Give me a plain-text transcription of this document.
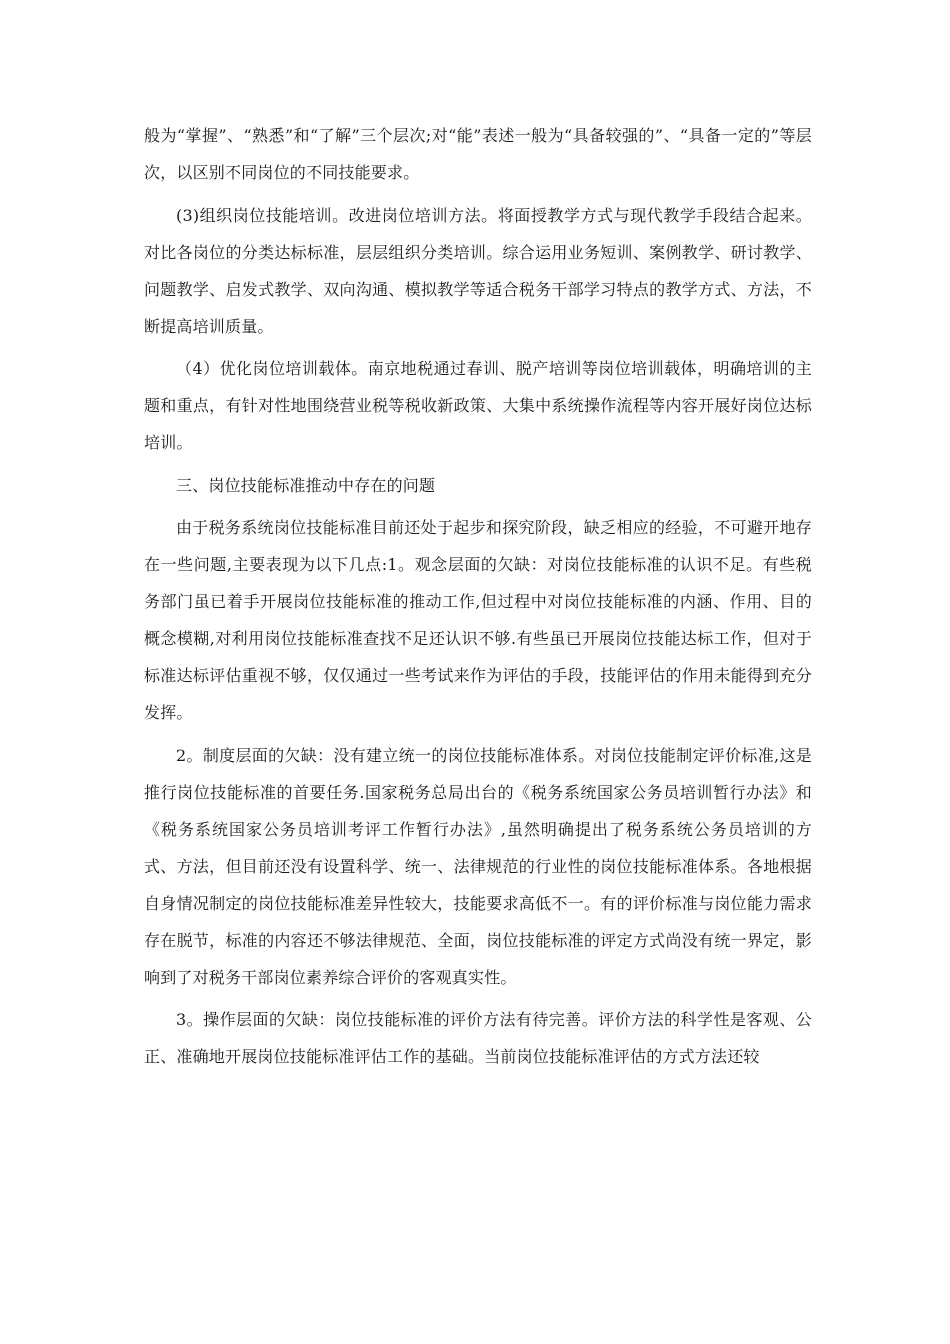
般为“掌握”、“熟悉”和“了解”三个层次;对“能”表述一般为“具备较强的”、“具备一定的”等层次，以区别不同岗位的不同技能要求。

(3)组织岗位技能培训。改进岗位培训方法。将面授教学方式与现代教学手段结合起来。对比各岗位的分类达标标准，层层组织分类培训。综合运用业务短训、案例教学、研讨教学、问题教学、启发式教学、双向沟通、模拟教学等适合税务干部学习特点的教学方式、方法，不断提高培训质量。

（4）优化岗位培训载体。南京地税通过春训、脱产培训等岗位培训载体，明确培训的主题和重点，有针对性地围绕营业税等税收新政策、大集中系统操作流程等内容开展好岗位达标培训。

三、岗位技能标准推动中存在的问题

由于税务系统岗位技能标准目前还处于起步和探究阶段，缺乏相应的经验，不可避开地存在一些问题,主要表现为以下几点:1。观念层面的欠缺：对岗位技能标准的认识不足。有些税务部门虽已着手开展岗位技能标准的推动工作,但过程中对岗位技能标准的内涵、作用、目的概念模糊,对利用岗位技能标准查找不足还认识不够.有些虽已开展岗位技能达标工作，但对于标准达标评估重视不够，仅仅通过一些考试来作为评估的手段，技能评估的作用未能得到充分发挥。

2。制度层面的欠缺：没有建立统一的岗位技能标准体系。对岗位技能制定评价标准,这是推行岗位技能标准的首要任务.国家税务总局出台的《税务系统国家公务员培训暂行办法》和《税务系统国家公务员培训考评工作暂行办法》,虽然明确提出了税务系统公务员培训的方式、方法，但目前还没有设置科学、统一、法律规范的行业性的岗位技能标准体系。各地根据自身情况制定的岗位技能标准差异性较大，技能要求高低不一。有的评价标准与岗位能力需求存在脱节，标准的内容还不够法律规范、全面，岗位技能标准的评定方式尚没有统一界定，影响到了对税务干部岗位素养综合评价的客观真实性。

3。操作层面的欠缺：岗位技能标准的评价方法有待完善。评价方法的科学性是客观、公正、准确地开展岗位技能标准评估工作的基础。当前岗位技能标准评估的方式方法还较
